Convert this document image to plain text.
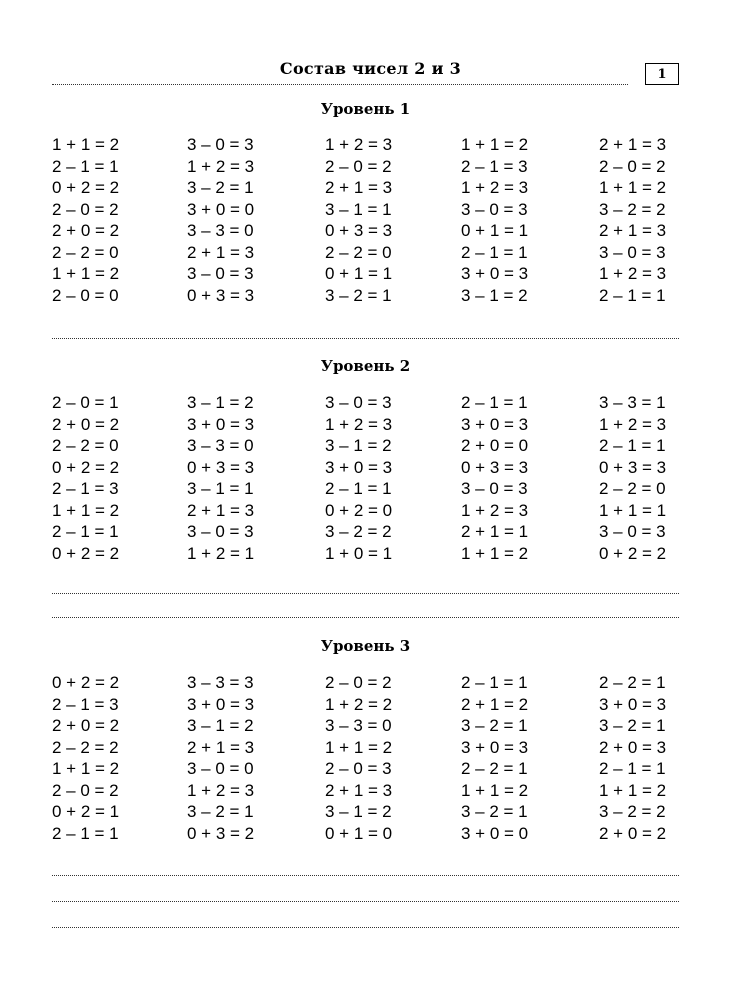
Состав чисел 2 и 3	1
Уровень 1
1 + 1 = 2	3 – 0 = 3	1 + 2 = 3	1 + 1 = 2	2 + 1 = 3
2 – 1 = 1	1 + 2 = 3	2 – 0 = 2	2 – 1 = 3	2 – 0 = 2
0 + 2 = 2	3 – 2 = 1	2 + 1 = 3	1 + 2 = 3	1 + 1 = 2
2 – 0 = 2	3 + 0 = 0	3 – 1 = 1	3 – 0 = 3	3 – 2 = 2
2 + 0 = 2	3 – 3 = 0	0 + 3 = 3	0 + 1 = 1	2 + 1 = 3
2 – 2 = 0	2 + 1 = 3	2 – 2 = 0	2 – 1 = 1	3 – 0 = 3
1 + 1 = 2	3 – 0 = 3	0 + 1 = 1	3 + 0 = 3	1 + 2 = 3
2 – 0 = 0	0 + 3 = 3	3 – 2 = 1	3 – 1 = 2	2 – 1 = 1
Уровень 2
2 – 0 = 1	3 – 1 = 2	3 – 0 = 3	2 – 1 = 1	3 – 3 = 1
2 + 0 = 2	3 + 0 = 3	1 + 2 = 3	3 + 0 = 3	1 + 2 = 3
2 – 2 = 0	3 – 3 = 0	3 – 1 = 2	2 + 0 = 0	2 – 1 = 1
0 + 2 = 2	0 + 3 = 3	3 + 0 = 3	0 + 3 = 3	0 + 3 = 3
2 – 1 = 3	3 – 1 = 1	2 – 1 = 1	3 – 0 = 3	2 – 2 = 0
1 + 1 = 2	2 + 1 = 3	0 + 2 = 0	1 + 2 = 3	1 + 1 = 1
2 – 1 = 1	3 – 0 = 3	3 – 2 = 2	2 + 1 = 1	3 – 0 = 3
0 + 2 = 2	1 + 2 = 1	1 + 0 = 1	1 + 1 = 2	0 + 2 = 2
Уровень 3
0 + 2 = 2	3 – 3 = 3	2 – 0 = 2	2 – 1 = 1	2 – 2 = 1
2 – 1 = 3	3 + 0 = 3	1 + 2 = 2	2 + 1 = 2	3 + 0 = 3
2 + 0 = 2	3 – 1 = 2	3 – 3 = 0	3 – 2 = 1	3 – 2 = 1
2 – 2 = 2	2 + 1 = 3	1 + 1 = 2	3 + 0 = 3	2 + 0 = 3
1 + 1 = 2	3 – 0 = 0	2 – 0 = 3	2 – 2 = 1	2 – 1 = 1
2 – 0 = 2	1 + 2 = 3	2 + 1 = 3	1 + 1 = 2	1 + 1 = 2
0 + 2 = 1	3 – 2 = 1	3 – 1 = 2	3 – 2 = 1	3 – 2 = 2
2 – 1 = 1	0 + 3 = 2	0 + 1 = 0	3 + 0 = 0	2 + 0 = 2
